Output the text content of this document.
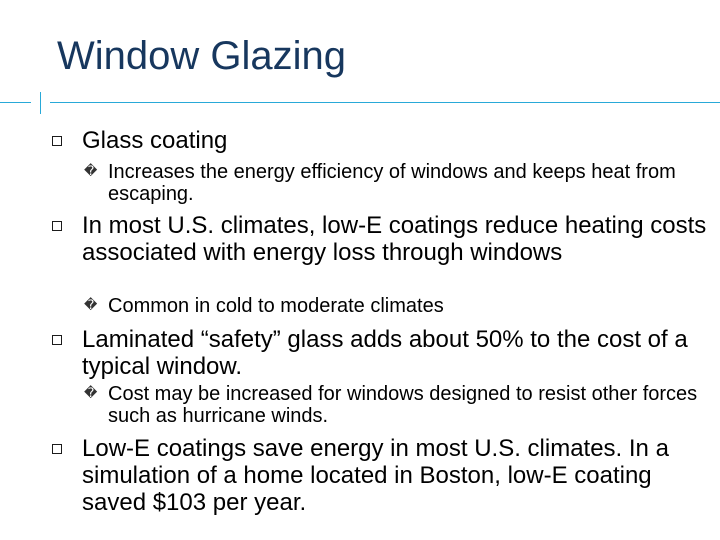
Window Glazing
Glass coating
� Increases the energy efficiency of windows and keeps heat from escaping.
In most U.S. climates, low-E coatings reduce heating costs associated with energy loss through windows
� Common in cold to moderate climates
Laminated “safety” glass adds about 50% to the cost of a typical window.
� Cost may be increased for windows designed to resist other forces such as hurricane winds.
Low-E coatings save energy in most U.S. climates. In a simulation of a home located in Boston, low-E coating saved $103 per year.
